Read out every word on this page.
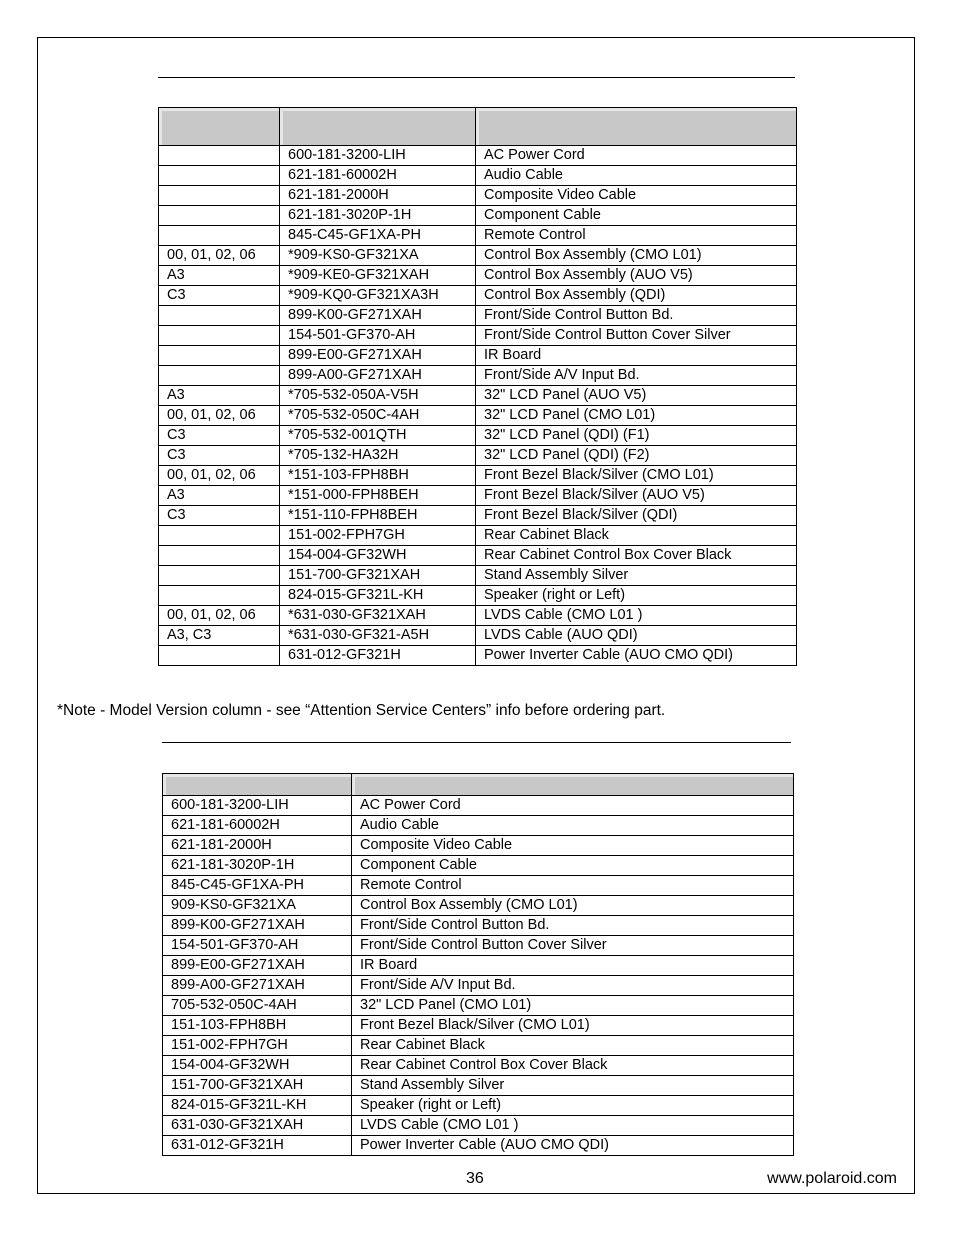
	600-181-3200-LIH	AC Power Cord
	621-181-60002H	Audio Cable
	621-181-2000H	Composite Video Cable
	621-181-3020P-1H	Component Cable
	845-C45-GF1XA-PH	Remote Control
00, 01, 02, 06	*909-KS0-GF321XA	Control Box Assembly (CMO L01)
A3	*909-KE0-GF321XAH	Control Box Assembly (AUO V5)
C3	*909-KQ0-GF321XA3H	Control Box Assembly (QDI)
	899-K00-GF271XAH	Front/Side Control Button Bd.
	154-501-GF370-AH	Front/Side Control Button Cover Silver
	899-E00-GF271XAH	IR Board
	899-A00-GF271XAH	Front/Side A/V Input Bd.
A3	*705-532-050A-V5H	32" LCD Panel (AUO V5)
00, 01, 02, 06	*705-532-050C-4AH	32" LCD Panel (CMO L01)
C3	*705-532-001QTH	32" LCD Panel (QDI) (F1)
C3	*705-132-HA32H	32" LCD Panel (QDI) (F2)
00, 01, 02, 06	*151-103-FPH8BH	Front Bezel Black/Silver (CMO L01)
A3	*151-000-FPH8BEH	Front Bezel Black/Silver (AUO V5)
C3	*151-110-FPH8BEH	Front Bezel Black/Silver (QDI)
	151-002-FPH7GH	Rear Cabinet Black
	154-004-GF32WH	Rear Cabinet Control Box Cover Black
	151-700-GF321XAH	Stand Assembly Silver
	824-015-GF321L-KH	Speaker (right or Left)
00, 01, 02, 06	*631-030-GF321XAH	LVDS Cable (CMO L01 )
A3, C3	*631-030-GF321-A5H	LVDS Cable (AUO QDI)
	631-012-GF321H	Power Inverter Cable (AUO CMO QDI)
*Note - Model Version column - see “Attention Service Centers” info before ordering part.

600-181-3200-LIH	AC Power Cord
621-181-60002H	Audio Cable
621-181-2000H	Composite Video Cable
621-181-3020P-1H	Component Cable
845-C45-GF1XA-PH	Remote Control
909-KS0-GF321XA	Control Box Assembly (CMO L01)
899-K00-GF271XAH	Front/Side Control Button Bd.
154-501-GF370-AH	Front/Side Control Button Cover Silver
899-E00-GF271XAH	IR Board
899-A00-GF271XAH	Front/Side A/V Input Bd.
705-532-050C-4AH	32" LCD Panel (CMO L01)
151-103-FPH8BH	Front Bezel Black/Silver (CMO L01)
151-002-FPH7GH	Rear Cabinet Black
154-004-GF32WH	Rear Cabinet Control Box Cover Black
151-700-GF321XAH	Stand Assembly Silver
824-015-GF321L-KH	Speaker (right or Left)
631-030-GF321XAH	LVDS Cable (CMO L01 )
631-012-GF321H	Power Inverter Cable (AUO CMO QDI)
36	www.polaroid.com
